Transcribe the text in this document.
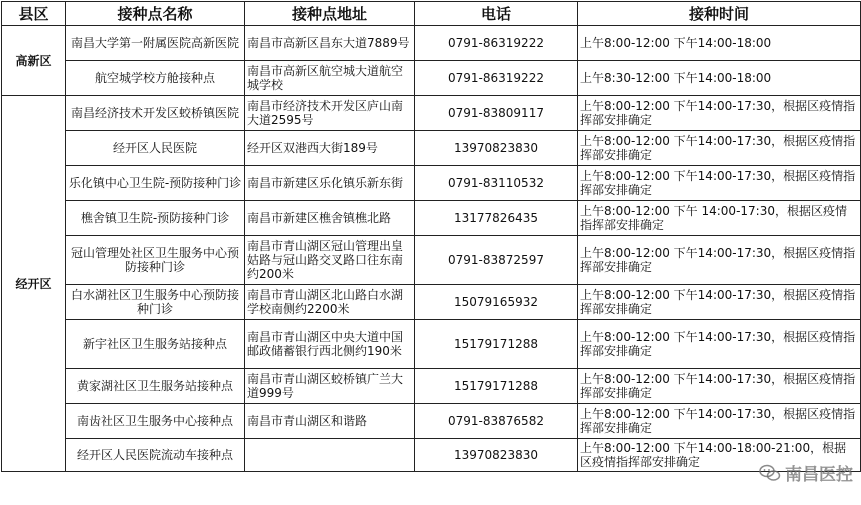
县区	接种点名称	接种点地址	电话	接种时间
高新区	南昌大学第一附属医院高新医院	南昌市高新区昌东大道7889号	0791-86319222	上午8:00-12:00 下午14:00-18:00
	航空城学校方舱接种点	南昌市高新区航空城大道航空城学校	0791-86319222	上午8:30-12:00 下午14:00-18:00
经开区	南昌经济技术开发区蛟桥镇医院	南昌市经济技术开发区庐山南大道2595号	0791-83809117	上午8:00-12:00 下午14:00-17:30，根据区疫情指挥部安排确定
	经开区人民医院	经开区双港西大街189号	13970823830	上午8:00-12:00 下午14:00-17:30，根据区疫情指挥部安排确定
	乐化镇中心卫生院-预防接种门诊	南昌市新建区乐化镇乐新东街	0791-83110532	上午8:00-12:00 下午14:00-17:30，根据区疫情指挥部安排确定
	樵舍镇卫生院-预防接种门诊	南昌市新建区樵舍镇樵北路	13177826435	上午8:00-12:00 下午 14:00-17:30，根据区疫情指挥部安排确定
	冠山管理处社区卫生服务中心预防接种门诊	南昌市青山湖区冠山管理出皇姑路与冠山路交叉路口往东南约200米	0791-83872597	上午8:00-12:00 下午14:00-17:30，根据区疫情指挥部安排确定
	白水湖社区卫生服务中心预防接种门诊	南昌市青山湖区北山路白水湖学校南侧约2200米	15079165932	上午8:00-12:00 下午14:00-17:30，根据区疫情指挥部安排确定
	新宇社区卫生服务站接种点	南昌市青山湖区中央大道中国邮政储蓄银行西北侧约190米	15179171288	上午8:00-12:00 下午14:00-17:30，根据区疫情指挥部安排确定
	黄家湖社区卫生服务站接种点	南昌市青山湖区蛟桥镇广兰大道999号	15179171288	上午8:00-12:00 下午14:00-17:30，根据区疫情指挥部安排确定
	南齿社区卫生服务中心接种点	南昌市青山湖区和谐路	0791-83876582	上午8:00-12:00 下午14:00-17:30，根据区疫情指挥部安排确定
	经开区人民医院流动车接种点		13970823830	上午8:00-12:00 下午14:00-18:00-21:00，根据区疫情指挥部安排确定
南昌医控
